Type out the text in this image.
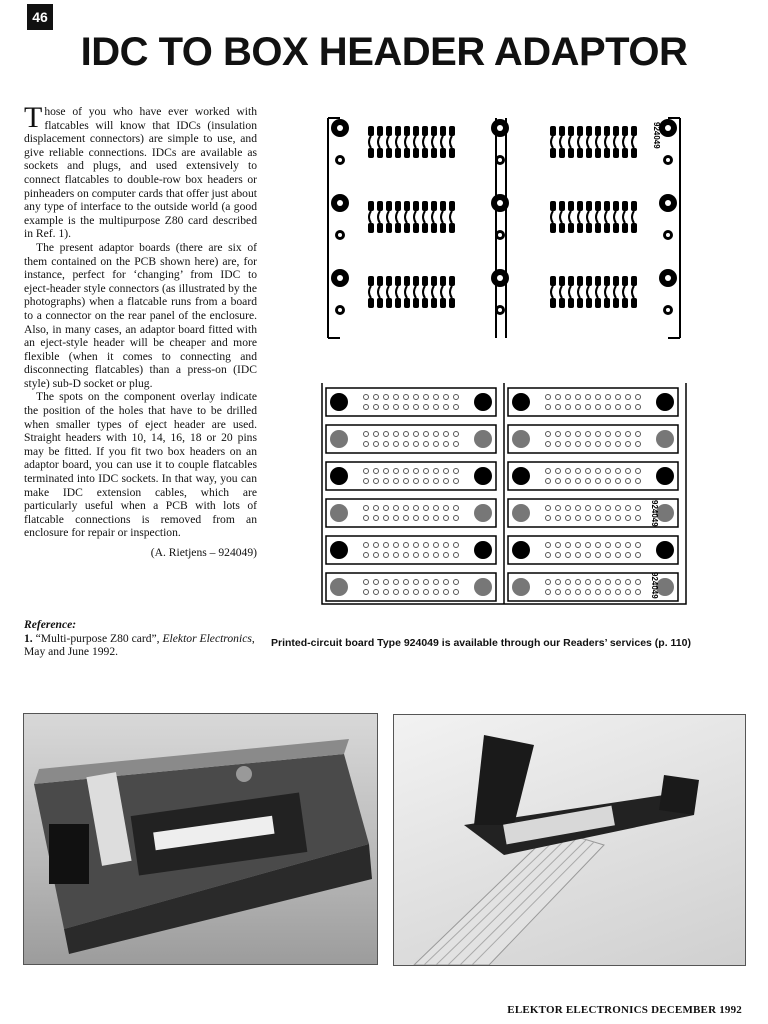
46
IDC TO BOX HEADER ADAPTOR

Those of you who have ever worked with flatcables will know that IDCs (insulation displacement connectors) are simple to use, and give reliable connections. IDCs are available as sockets and plugs, and used extensively to connect flatcables to double-row box headers or pinheaders on computer cards that offer just about any type of interface to the outside world (a good example is the multipurpose Z80 card described in Ref. 1).

The present adaptor boards (there are six of them contained on the PCB shown here) are, for instance, perfect for ‘changing’ from IDC to eject-header style connectors (as illustrated by the photographs) when a flatcable runs from a board to a connector on the rear panel of the enclosure. Also, in many cases, an adaptor board fitted with an eject-style header will be cheaper and more flexible (when it comes to connecting and disconnecting flatcables) than a press-on (IDC style) sub-D socket or plug.

The spots on the component overlay indicate the position of the holes that have to be drilled when smaller types of eject header are used. Straight headers with 10, 14, 16, 18 or 20 pins may be fitted. If you fit two box headers on an adaptor board, you can use it to couple flatcables terminated into IDC sockets. In that way, you can make IDC extension cables, which are particularly useful when a PCB with lots of flatcable connections is removed from an enclosure for repair or inspection.

(A. Rietjens – 924049)
Reference:
1. “Multi-purpose Z80 card”, Elektor Electronics, May and June 1992.
Printed-circuit board Type 924049 is available through our Readers’ services (p. 110)
924049
924049
924049
ELEKTOR ELECTRONICS DECEMBER 1992
